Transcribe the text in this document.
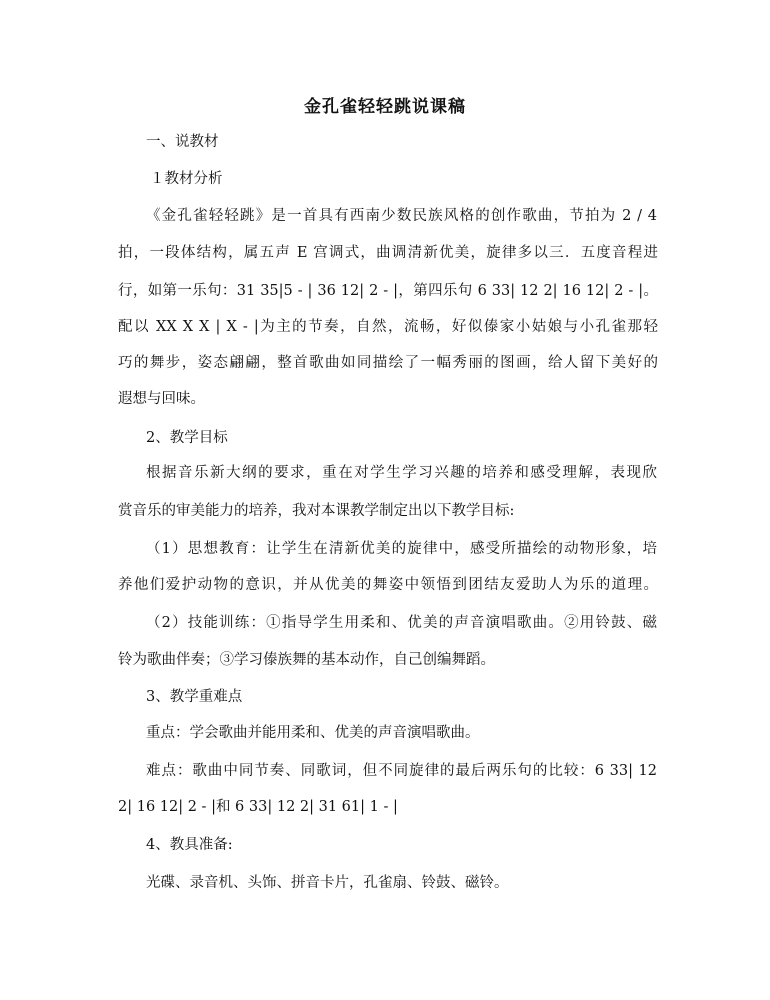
金孔雀轻轻跳说课稿
一、说教材
１教材分析
《金孔雀轻轻跳》是一首具有西南少数民族风格的创作歌曲，节拍为 2 / 4
拍，一段体结构，属五声 E 宫调式，曲调清新优美，旋律多以三．五度音程进
行，如第一乐句：31 35|5 - | 36 12| 2 - |，第四乐句 6 33| 12 2| 16 12| 2 - |。
配以 XX X X | X - |为主的节奏，自然，流畅，好似傣家小姑娘与小孔雀那轻
巧的舞步，姿态翩翩，整首歌曲如同描绘了一幅秀丽的图画，给人留下美好的
遐想与回味。
2、教学目标
根据音乐新大纲的要求，重在对学生学习兴趣的培养和感受理解，表现欣
赏音乐的审美能力的培养，我对本课教学制定出以下教学目标:
（1）思想教育：让学生在清新优美的旋律中，感受所描绘的动物形象，培
养他们爱护动物的意识，并从优美的舞姿中领悟到团结友爱助人为乐的道理。
（2）技能训练：①指导学生用柔和、优美的声音演唱歌曲。②用铃鼓、磁
铃为歌曲伴奏；③学习傣族舞的基本动作，自己创编舞蹈。
3、教学重难点
重点：学会歌曲并能用柔和、优美的声音演唱歌曲。
难点：歌曲中同节奏、同歌词，但不同旋律的最后两乐句的比较：6 33| 12
2| 16 12| 2 - |和 6 33| 12 2| 31 61| 1 - |
4、教具准备:
光碟、录音机、头饰、拼音卡片，孔雀扇、铃鼓、磁铃。
